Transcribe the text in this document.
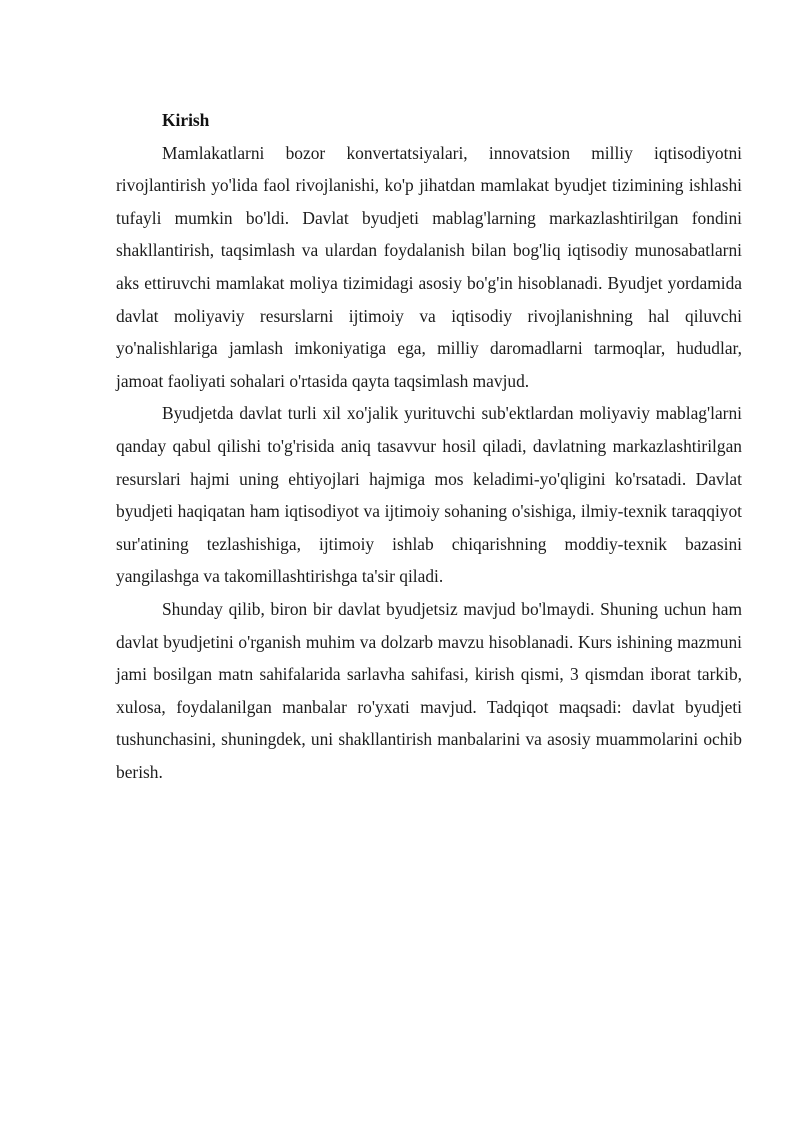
Kirish

Mamlakatlarni bozor konvertatsiyalari, innovatsion milliy iqtisodiyotni rivojlantirish yo'lida faol rivojlanishi, ko'p jihatdan mamlakat byudjet tizimining ishlashi tufayli mumkin bo'ldi. Davlat byudjeti mablag'larning markazlashtirilgan fondini shakllantirish, taqsimlash va ulardan foydalanish bilan bog'liq iqtisodiy munosabatlarni aks ettiruvchi mamlakat moliya tizimidagi asosiy bo'g'in hisoblanadi. Byudjet yordamida davlat moliyaviy resurslarni ijtimoiy va iqtisodiy rivojlanishning hal qiluvchi yo'nalishlariga jamlash imkoniyatiga ega, milliy daromadlarni tarmoqlar, hududlar, jamoat faoliyati sohalari o'rtasida qayta taqsimlash mavjud.

Byudjetda davlat turli xil xo'jalik yurituvchi sub'ektlardan moliyaviy mablag'larni qanday qabul qilishi to'g'risida aniq tasavvur hosil qiladi, davlatning markazlashtirilgan resurslari hajmi uning ehtiyojlari hajmiga mos keladimi-yo'qligini ko'rsatadi. Davlat byudjeti haqiqatan ham iqtisodiyot va ijtimoiy sohaning o'sishiga, ilmiy-texnik taraqqiyot sur'atining tezlashishiga, ijtimoiy ishlab chiqarishning moddiy-texnik bazasini yangilashga va takomillashtirishga ta'sir qiladi.

Shunday qilib, biron bir davlat byudjetsiz mavjud bo'lmaydi. Shuning uchun ham davlat byudjetini o'rganish muhim va dolzarb mavzu hisoblanadi. Kurs ishining mazmuni jami bosilgan matn sahifalarida sarlavha sahifasi, kirish qismi, 3 qismdan iborat tarkib, xulosa, foydalanilgan manbalar ro'yxati mavjud. Tadqiqot maqsadi: davlat byudjeti tushunchasini, shuningdek, uni shakllantirish manbalarini va asosiy muammolarini ochib berish.
